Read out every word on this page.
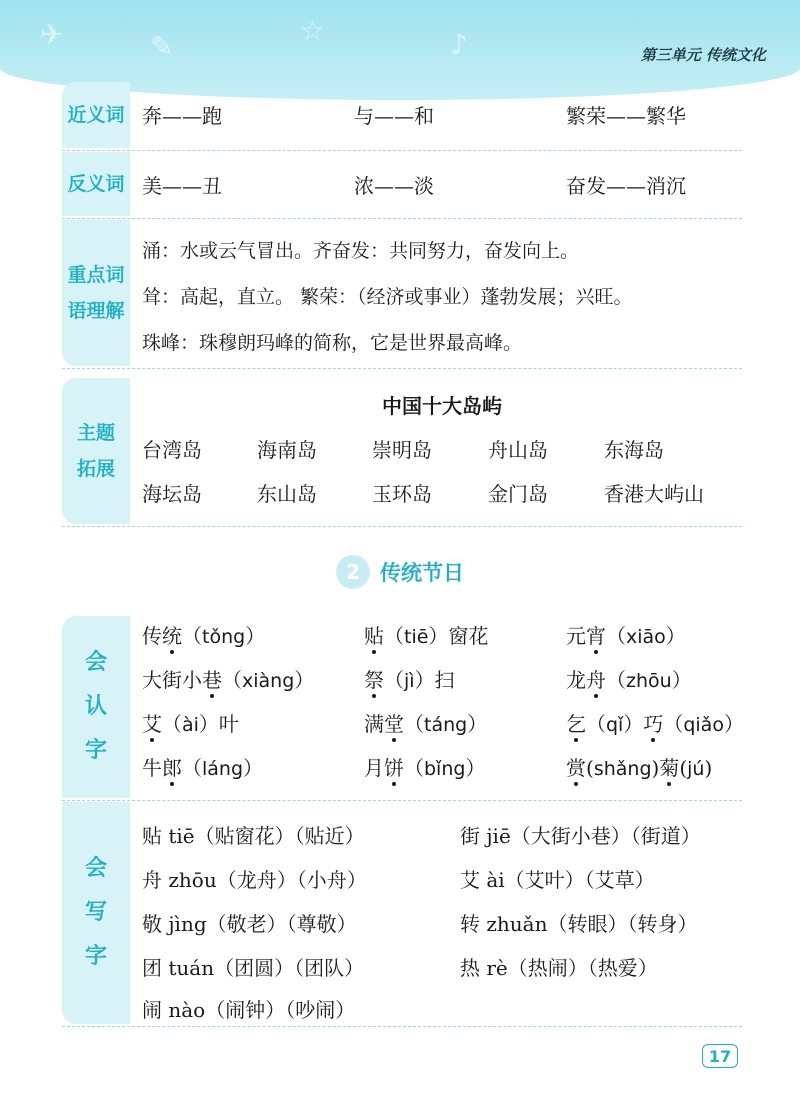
✈	✎	☆	♪	第三单元 传统文化
近义词 奔——跑	与——和	繁荣——繁华
反义词 美——丑	浓——淡	奋发——消沉
重点词
语理解
涌：水或云气冒出。齐奋发：共同努力，奋发向上。
耸：高起，直立。 繁荣：（经济或事业）蓬勃发展；兴旺。
珠峰：珠穆朗玛峰的简称，它是世界最高峰。
主题
拓展
中国十大岛屿
台湾岛	海南岛	崇明岛	舟山岛	东海岛
海坛岛	东山岛	玉环岛	金门岛	香港大屿山
2 传统节日
会
认
字
传统（tǒng）	贴（tiē）窗花	元宵（xiāo）
大街小巷（xiàng） 祭（jì）扫	龙舟（zhōu）
艾（ài）叶	满堂（táng）	乞（qǐ）巧（qiǎo）
牛郎（láng）	月饼（bǐng）	赏(shǎng)菊(jú)
会
写
字
贴 tiē（贴窗花）（贴近）	街 jiē（大街小巷）（街道）
舟 zhōu（龙舟）（小舟）	艾 ài（艾叶）（艾草）
敬 jìng（敬老）（尊敬）	转 zhuǎn（转眼）（转身）
团 tuán（团圆）（团队）	热 rè（热闹）（热爱）
闹 nào（闹钟）（吵闹）
17
